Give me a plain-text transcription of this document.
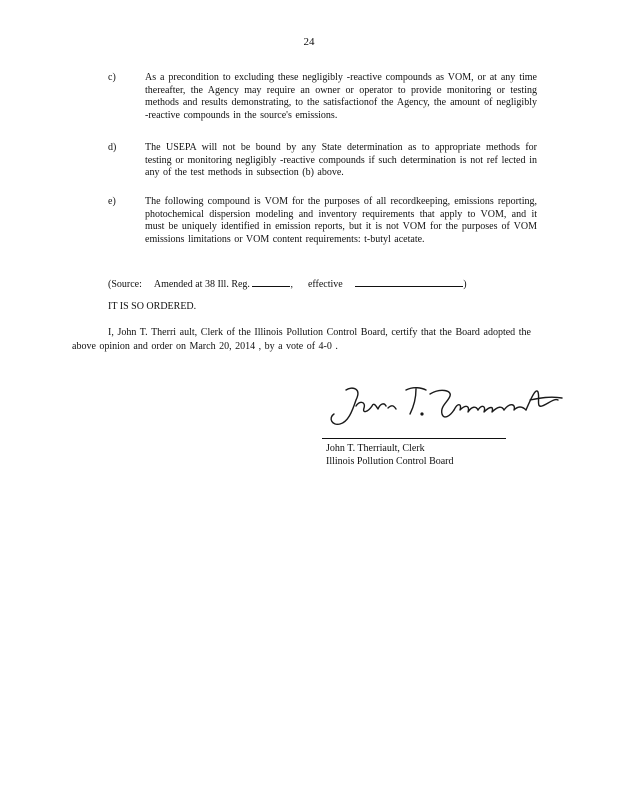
24
c)	As a precondition to excluding these negligibly -reactive compounds as VOM, or at any time thereafter, the Agency may require an owner or operator to provide monitoring or testing methods and results demonstrating, to the satisfactionof the Agency, the amount of negligibly -reactive compounds in the source's emissions.
d)	The USEPA will not be bound by any State determination as to appropriate methods for testing or monitoring negligibly -reactive compounds if such determination is not ref lected in any of the test methods in subsection (b) above.
e)	The following compound is VOM for the purposes of all recordkeeping, emissions reporting, photochemical dispersion modeling and inventory requirements that apply to VOM, and it must be uniquely identified in emission reports, but it is not VOM for the purposes of VOM emissions limitations or VOM content requirements: t-butyl acetate.
(Source: Amended at 38 Ill. Reg.	, effective	)
IT IS SO ORDERED.
I, John T. Therri ault, Clerk of the Illinois Pollution Control Board, certify that the Board adopted the above opinion and order on March 20, 2014 , by a vote of 4-0 .
John T. Therriault, Clerk
Illinois Pollution Control Board
